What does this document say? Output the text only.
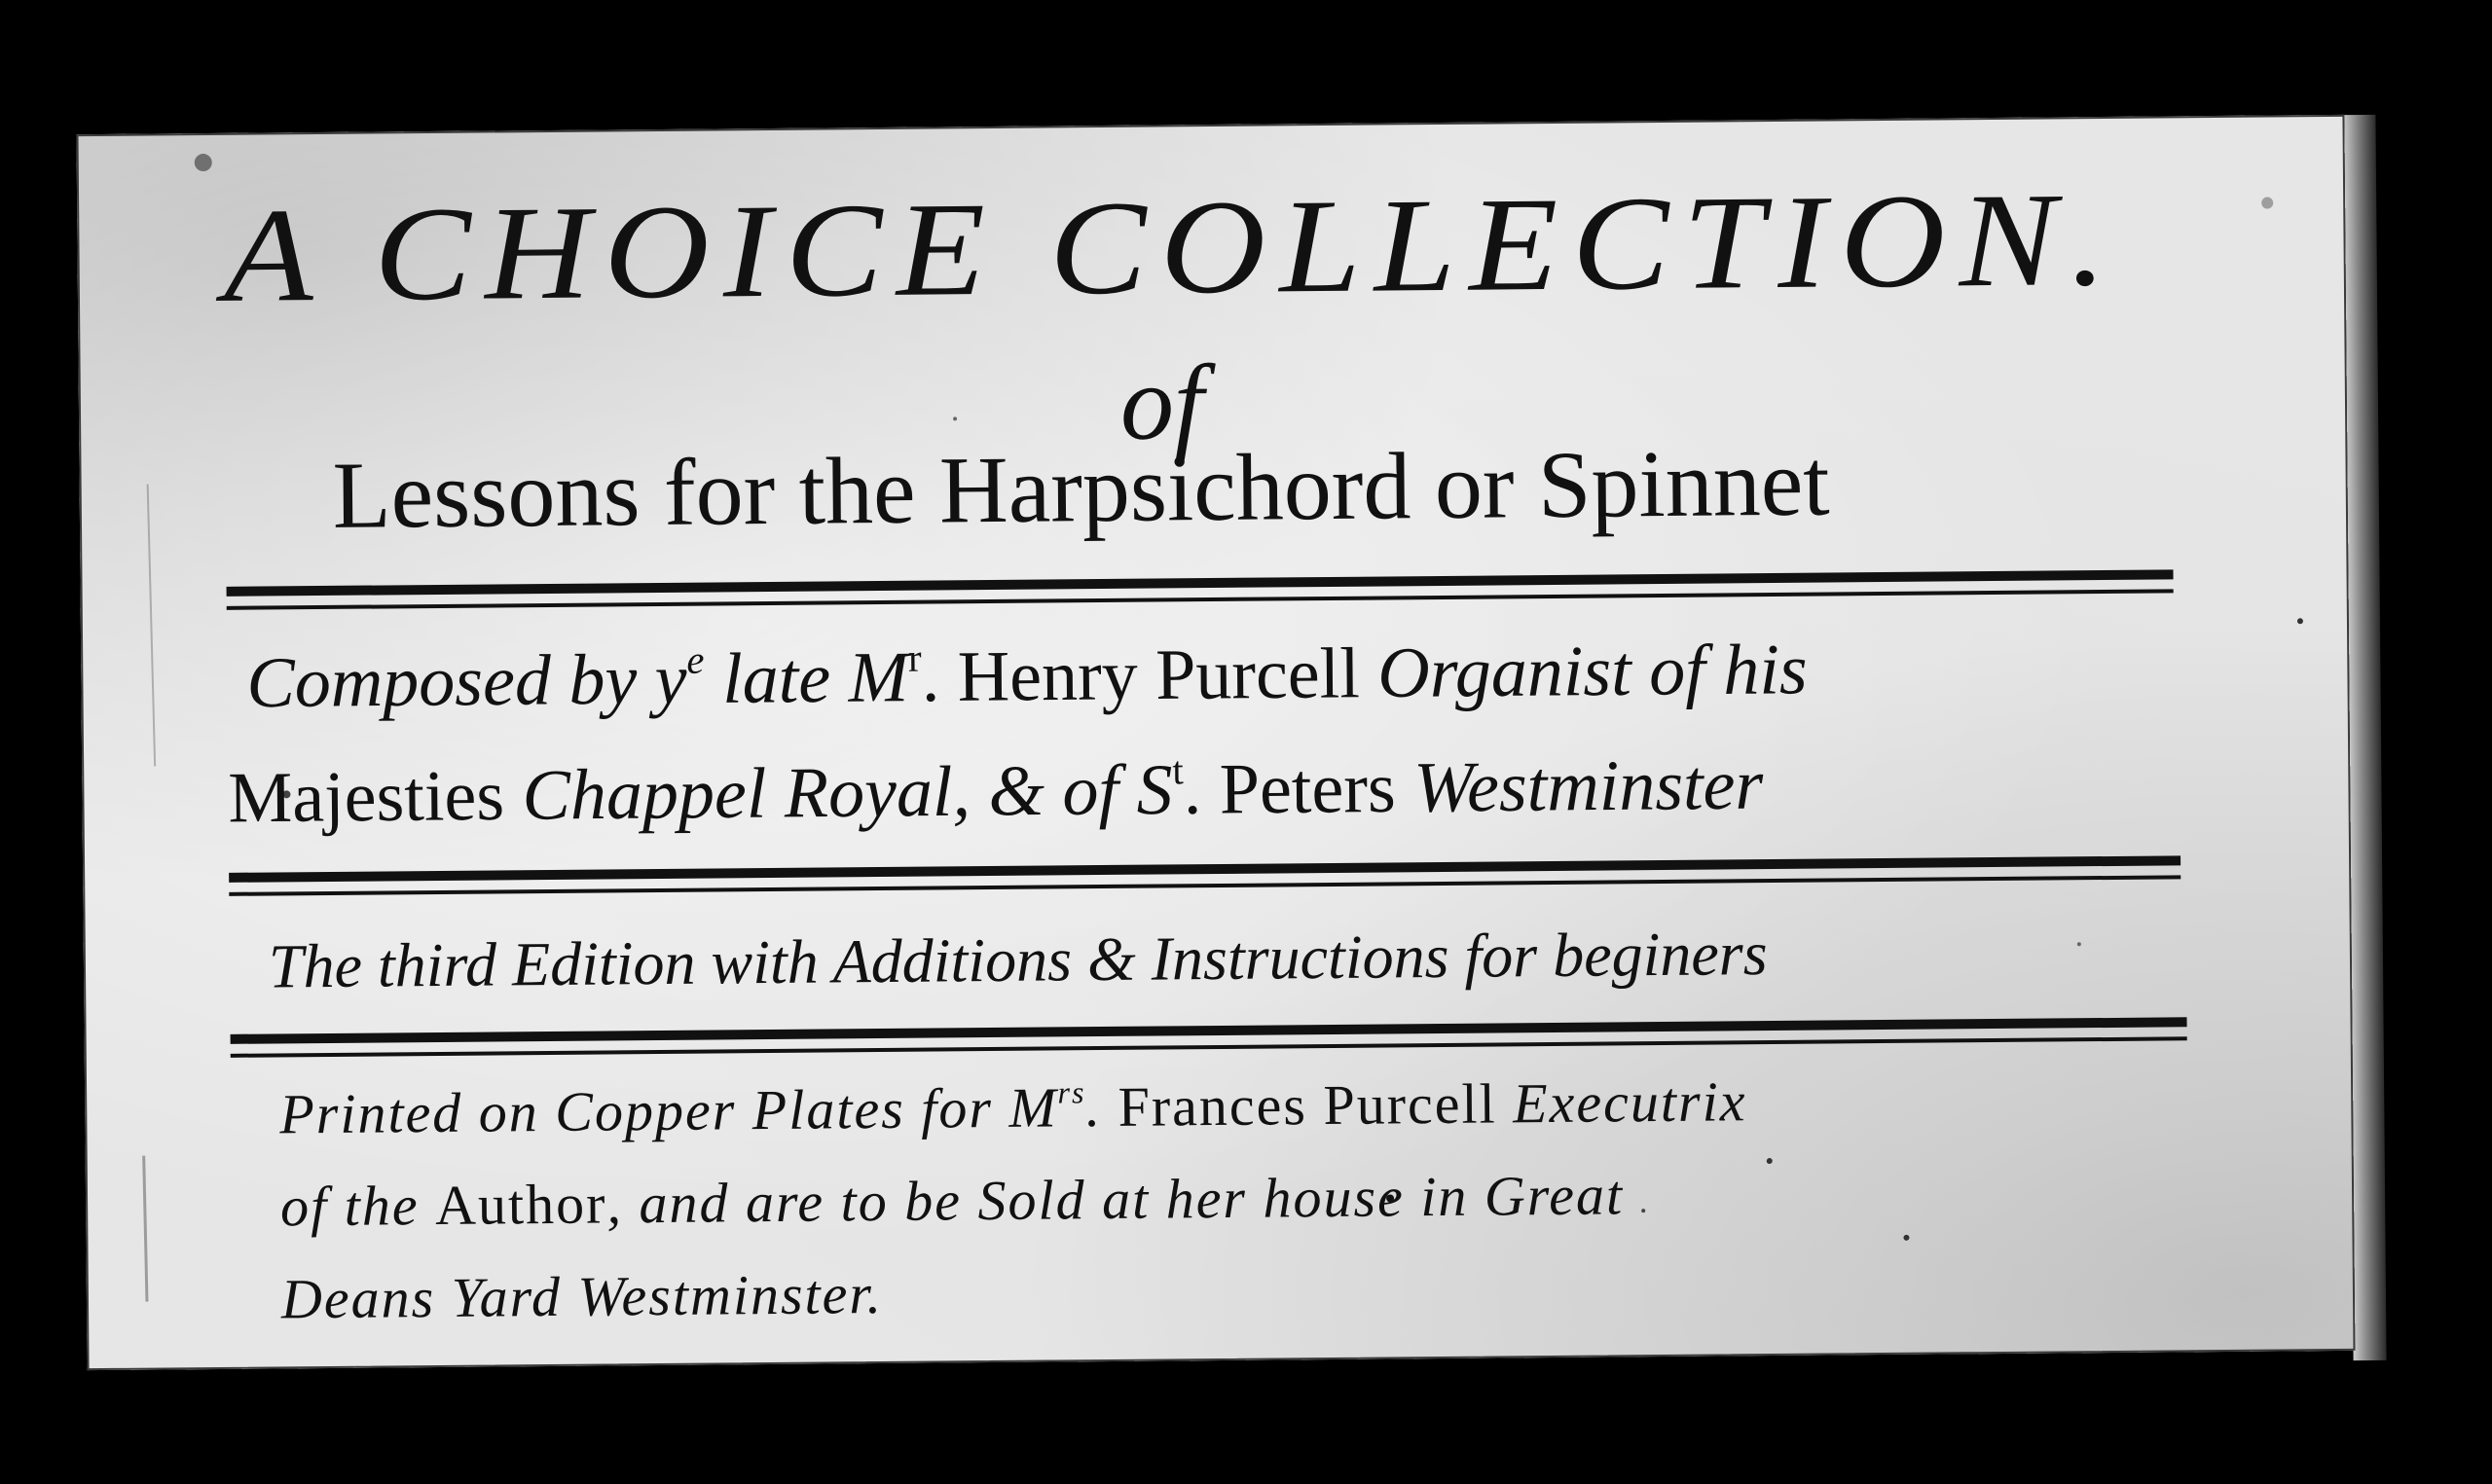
A CHOICE COLLECTION.
of
Lessons for the Harpsichord or Spinnet
Composed by $y^e$ late $M^r$. Henry Purcell Organist of his
Majesties Chappel Royal, & of $S^t$. Peters Westminster
The third Edition with Additions & Instructions for beginers
Printed on Copper Plates for $M^{rs}$. Frances Purcell Executrix
of the Author, and are to be Sold at her house in Great
Deans Yard Westminster.
